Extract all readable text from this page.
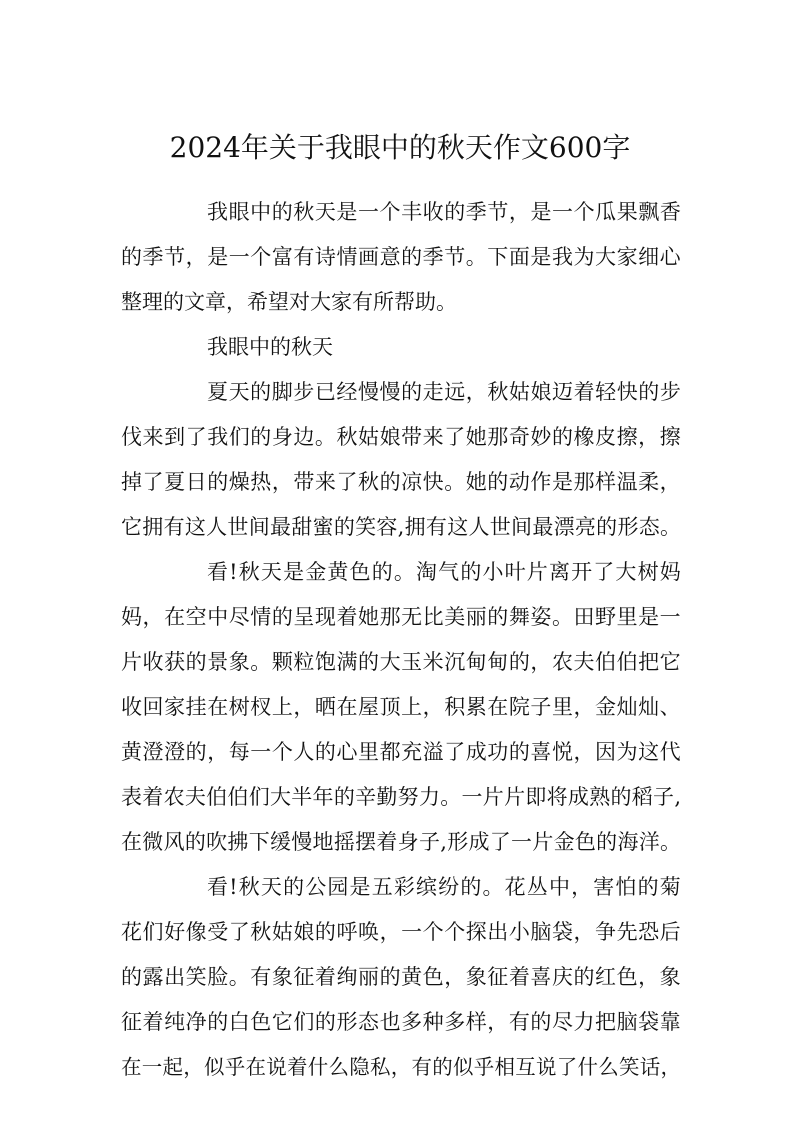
2024年关于我眼中的秋天作文600字
我 眼 中 的 秋 天 是 一 个 丰 收 的 季 节 ， 是 一 个 瓜 果 飘 香
的 季 节 ， 是 一 个 富 有 诗 情 画 意 的 季 节 。 下 面 是 我 为 大 家 细 心
整理的文章，希望对大家有所帮助。
我眼中的秋天
夏 天 的 脚 步 已 经 慢 慢 的 走 远 ， 秋 姑 娘 迈 着 轻 快 的 步
伐 来 到 了 我 们 的 身 边 。 秋 姑 娘 带 来 了 她 那 奇 妙 的 橡 皮 擦 ， 擦
掉 了 夏 日 的 燥 热 ， 带 来 了 秋 的 凉 快 。 她 的 动 作 是 那 样 温 柔 ，
它 拥 有 这 人 世 间 最 甜 蜜 的 笑 容 , 拥 有 这 人 世 间 最 漂 亮 的 形 态 。
看 ! 秋 天 是 金 黄 色 的 。 淘 气 的 小 叶 片 离 开 了 大 树 妈
妈 ， 在 空 中 尽 情 的 呈 现 着 她 那 无 比 美 丽 的 舞 姿 。 田 野 里 是 一
片 收 获 的 景 象 。 颗 粒 饱 满 的 大 玉 米 沉 甸 甸 的 ， 农 夫 伯 伯 把 它
收 回 家 挂 在 树 杈 上 ， 晒 在 屋 顶 上 ， 积 累 在 院 子 里 ， 金 灿 灿 、
黄 澄 澄 的 ， 每 一 个 人 的 心 里 都 充 溢 了 成 功 的 喜 悦 ， 因 为 这 代
表 着 农 夫 伯 伯 们 大 半 年 的 辛 勤 努 力 。 一 片 片 即 将 成 熟 的 稻 子 ,
在 微 风 的 吹 拂 下 缓 慢 地 摇 摆 着 身 子 , 形 成 了 一 片 金 色 的 海 洋 。
看 ! 秋 天 的 公 园 是 五 彩 缤 纷 的 。 花 丛 中 ， 害 怕 的 菊
花 们 好 像 受 了 秋 姑 娘 的 呼 唤 ， 一 个 个 探 出 小 脑 袋 ， 争 先 恐 后
的 露 出 笑 脸 。 有 象 征 着 绚 丽 的 黄 色 ， 象 征 着 喜 庆 的 红 色 ， 象
征 着 纯 净 的 白 色 它 们 的 形 态 也 多 种 多 样 ， 有 的 尽 力 把 脑 袋 靠
在 一 起 ， 似 乎 在 说 着 什 么 隐 私 ， 有 的 似 乎 相 互 说 了 什 么 笑 话 ，
